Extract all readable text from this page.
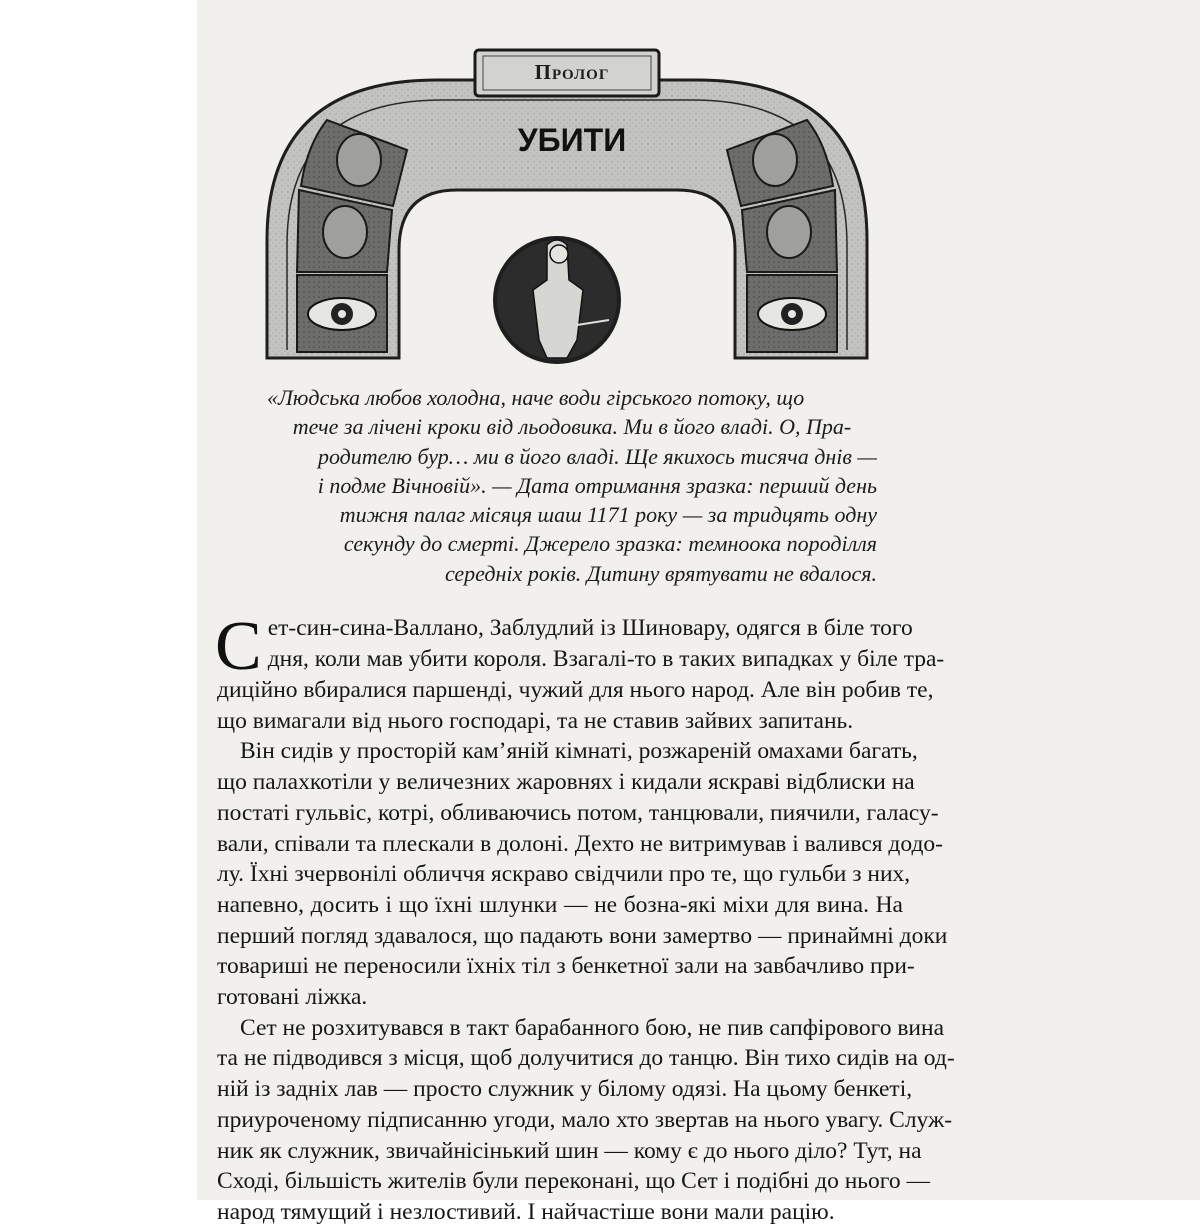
Пролог
УБИТИ
«Людська любов холодна, наче води гірського потоку, що
тече за лічені кроки від льодовика. Ми в його владі. О, Пра-
родителю бур… ми в його владі. Ще якихось тисяча днів —
і подме Вічновій». — Дата отримання зразка: перший день
тижня палаг місяця шаш 1171 року — за тридцять одну
секунду до смерті. Джерело зразка: темноока породілля
середніх років. Дитину врятувати не вдалося.
С ет-син-сина-Валлано, Заблудлий із Шиновару, одягся в біле того
дня, коли мав убити короля. Взагалі-то в таких випадках у біле тра-
диційно вбиралися паршенді, чужий для нього народ. Але він робив те,
що вимагали від нього господарі, та не ставив зайвих запитань.
Він сидів у просторій кам’яній кімнаті, розжареній омахами багать,
що палахкотіли у величезних жаровнях і кидали яскраві відблиски на
постаті гульвіс, котрі, обливаючись потом, танцювали, пиячили, галасу-
вали, співали та плескали в долоні. Дехто не витримував і валився додо-
лу. Їхні зчервонілі обличчя яскраво свідчили про те, що гульби з них,
напевно, досить і що їхні шлунки — не бозна-які міхи для вина. На
перший погляд здавалося, що падають вони замертво — принаймні доки
товариші не переносили їхніх тіл з бенкетної зали на завбачливо при-
готовані ліжка.
Сет не розхитувався в такт барабанного бою, не пив сапфірового вина
та не підводився з місця, щоб долучитися до танцю. Він тихо сидів на од-
ній із задніх лав — просто служник у білому одязі. На цьому бенкеті,
приуроченому підписанню угоди, мало хто звертав на нього увагу. Служ-
ник як служник, звичайнісінький шин — кому є до нього діло? Тут, на
Сході, більшість жителів були переконані, що Сет і подібні до нього —
народ тямущий і незлостивий. І найчастіше вони мали рацію.
